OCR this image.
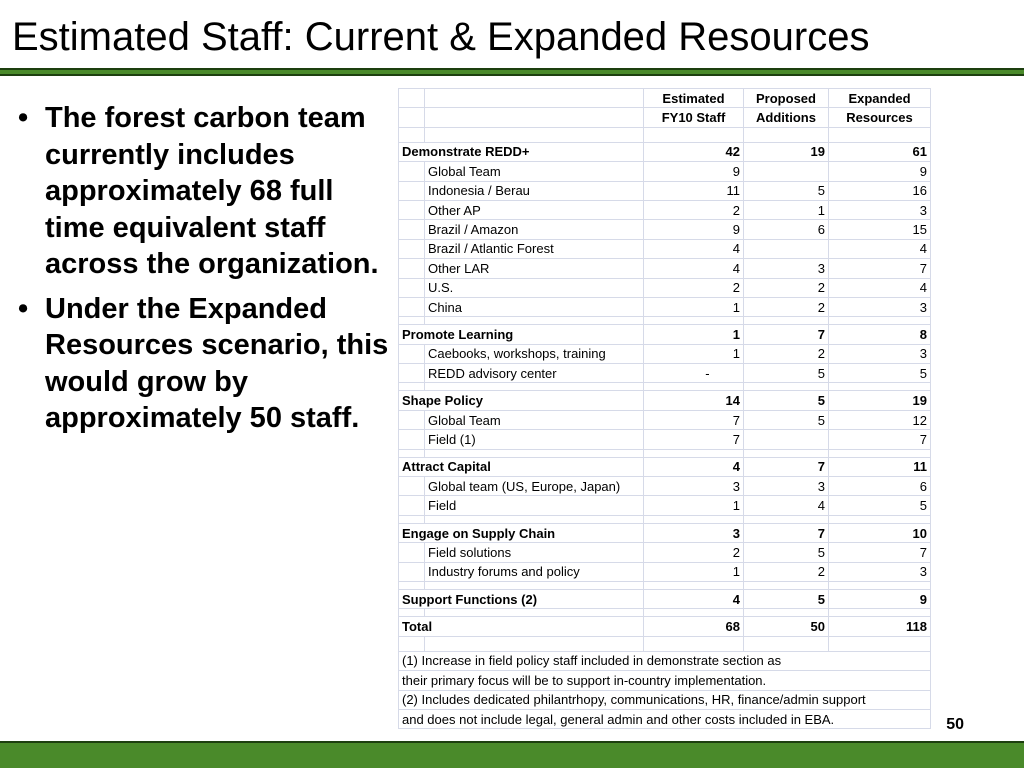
Estimated Staff: Current & Expanded Resources
• The forest carbon team currently includes approximately 68 full time equivalent staff across the organization.
• Under the Expanded Resources scenario, this would grow by approximately 50 staff.
		Estimated	Proposed	Expanded
		FY10 Staff	Additions	Resources

Demonstrate REDD+		42	19	61
	Global Team	9		9
	Indonesia / Berau	11	5	16
	Other AP	2	1	3
	Brazil / Amazon	9	6	15
	Brazil / Atlantic Forest	4		4
	Other LAR	4	3	7
	U.S.	2	2	4
	China	1	2	3

Promote Learning		1	7	8
	Caebooks, workshops, training	1	2	3
	REDD advisory center	-	5	5

Shape Policy		14	5	19
	Global Team	7	5	12
	Field (1)	7		7

Attract Capital		4	7	11
	Global team (US, Europe, Japan)	3	3	6
	Field	1	4	5

Engage on Supply Chain		3	7	10
	Field solutions	2	5	7
	Industry forums and policy	1	2	3

Support Functions (2)		4	5	9

Total		68	50	118

(1) Increase in field policy staff included in demonstrate section as				
their primary focus will be to support in-country implementation.				
(2) Includes dedicated philantrhopy, communications, HR, finance/admin support				
and does not include legal, general admin and other costs included in EBA.					50
